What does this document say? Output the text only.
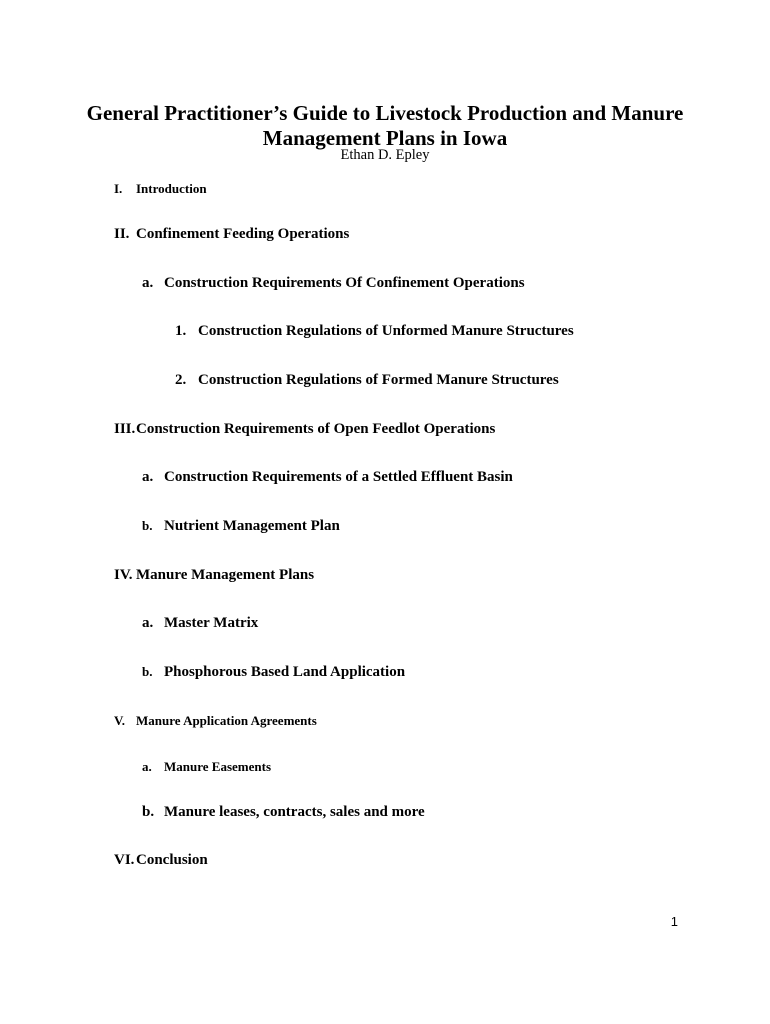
General Practitioner’s Guide to Livestock Production and Manure
Management Plans in Iowa
Ethan D. Epley
I.	Introduction
II. Confinement Feeding Operations
a. Construction Requirements Of Confinement Operations
1. Construction Regulations of Unformed Manure Structures
2. Construction Regulations of Formed Manure Structures
III. Construction Requirements of Open Feedlot Operations
a. Construction Requirements of a Settled Effluent Basin
b. Nutrient Management Plan
IV. Manure Management Plans
a. Master Matrix
b. Phosphorous Based Land Application
V. Manure Application Agreements
a. Manure Easements
b. Manure leases, contracts, sales and more
VI. Conclusion
1
